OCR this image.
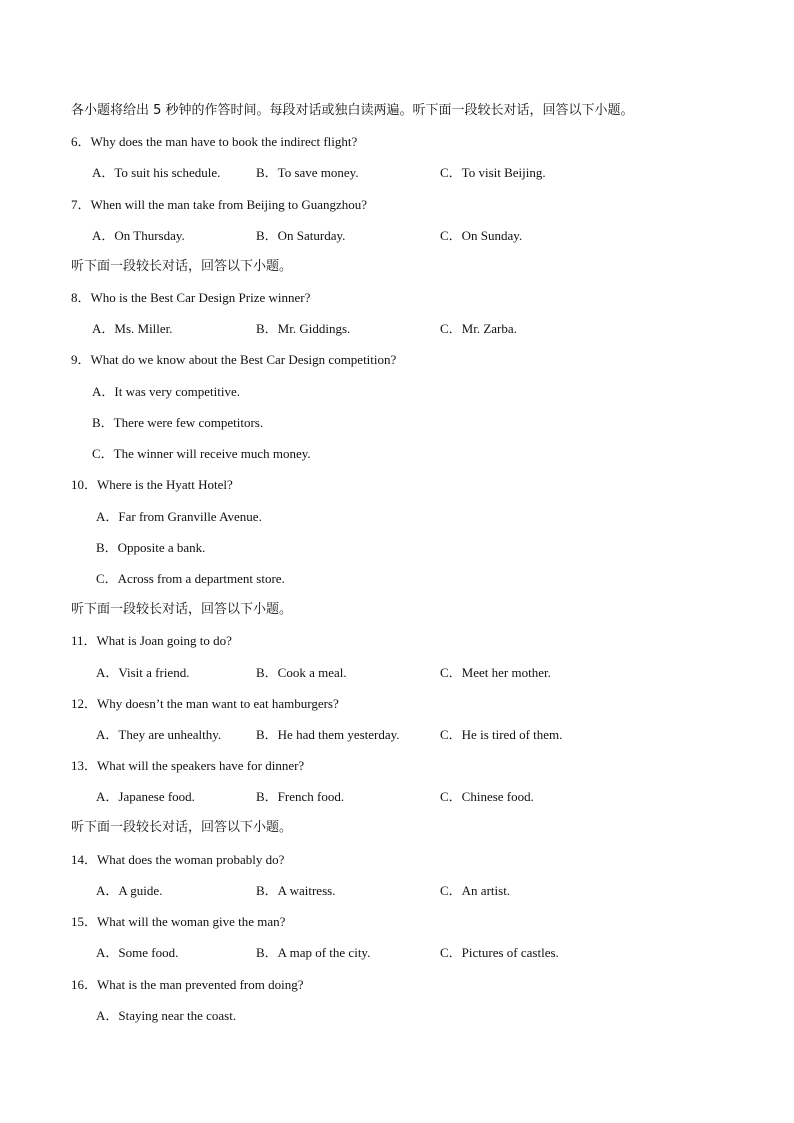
各小题将给出 5 秒钟的作答时间。每段对话或独白读两遍。听下面一段较长对话，回答以下小题。
6．Why does the man have to book the indirect flight?
A．To suit his schedule.	B．To save money.	C．To visit Beijing.
7．When will the man take from Beijing to Guangzhou?
A．On Thursday.	B．On Saturday.	C．On Sunday.
听下面一段较长对话，回答以下小题。
8．Who is the Best Car Design Prize winner?
A．Ms. Miller.	B．Mr. Giddings.	C．Mr. Zarba.
9．What do we know about the Best Car Design competition?
A．It was very competitive.
B．There were few competitors.
C．The winner will receive much money.
10．Where is the Hyatt Hotel?
A．Far from Granville Avenue.
B．Opposite a bank.
C．Across from a department store.
听下面一段较长对话，回答以下小题。
11．What is Joan going to do?
A．Visit a friend.	B．Cook a meal.	C．Meet her mother.
12．Why doesn’t the man want to eat hamburgers?
A．They are unhealthy.	B．He had them yesterday.	C．He is tired of them.
13．What will the speakers have for dinner?
A．Japanese food.	B．French food.	C．Chinese food.
听下面一段较长对话，回答以下小题。
14．What does the woman probably do?
A．A guide.	B．A waitress.	C．An artist.
15．What will the woman give the man?
A．Some food.	B．A map of the city.	C．Pictures of castles.
16．What is the man prevented from doing?
A．Staying near the coast.
